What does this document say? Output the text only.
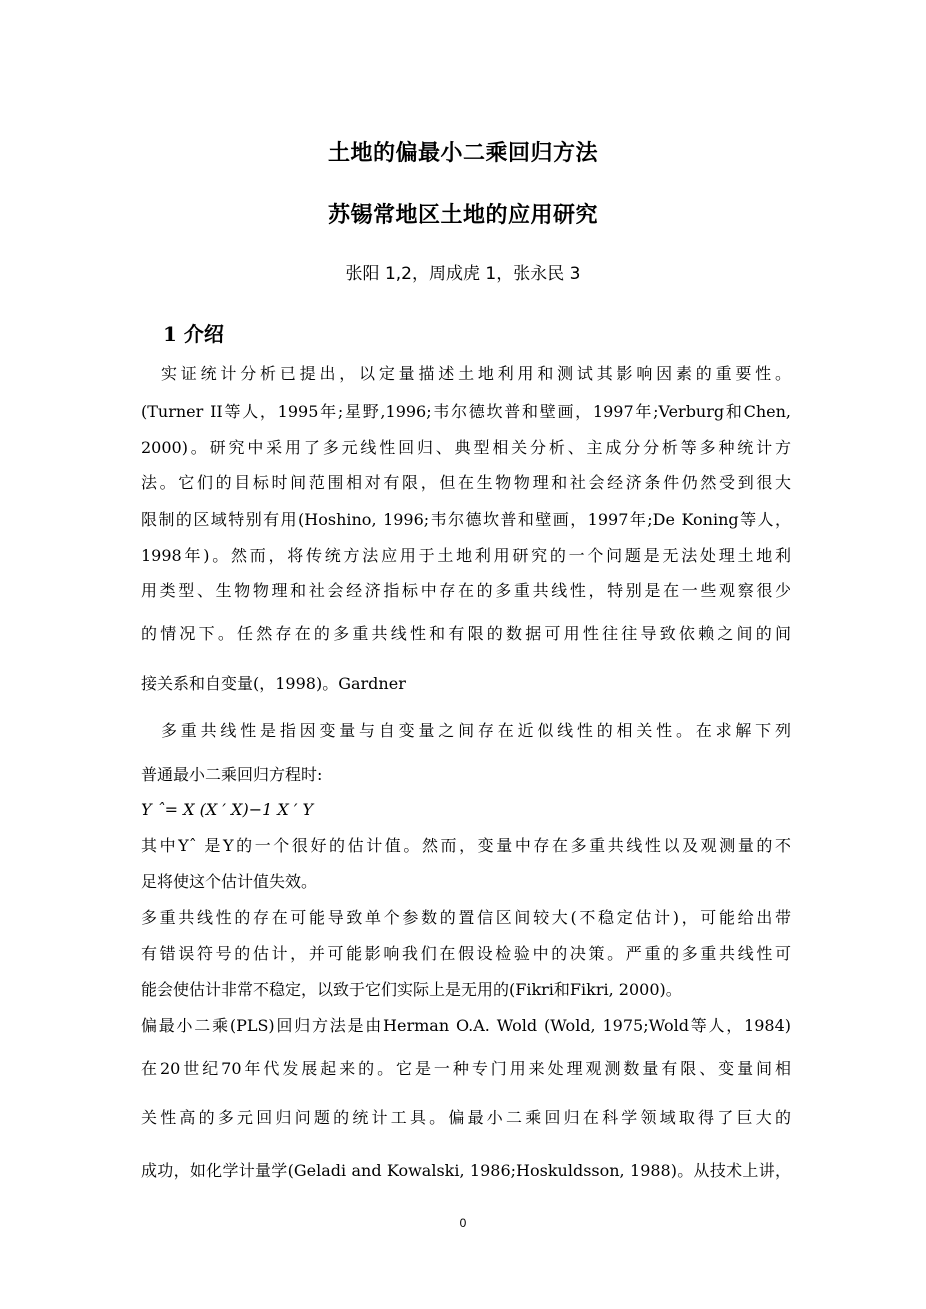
土地的偏最小二乘回归方法
苏锡常地区土地的应用研究
张阳 1,2，周成虎 1，张永民 3
1 介绍
实证统计分析已提出，以定量描述土地利用和测试其影响因素的重要性。
(Turner II等人，1995年;星野,1996;韦尔德坎普和壁画，1997年;Verburg和Chen,
2000)。研究中采用了多元线性回归、典型相关分析、主成分分析等多种统计方
法。它们的目标时间范围相对有限，但在生物物理和社会经济条件仍然受到很大
限制的区域特别有用(Hoshino, 1996;韦尔德坎普和壁画，1997年;De Koning等人，
1998年)。然而，将传统方法应用于土地利用研究的一个问题是无法处理土地利
用类型、生物物理和社会经济指标中存在的多重共线性，特别是在一些观察很少
的情况下。任然存在的多重共线性和有限的数据可用性往往导致依赖之间的间
接关系和自变量(，1998)。Gardner
多重共线性是指因变量与自变量之间存在近似线性的相关性。在求解下列
普通最小二乘回归方程时:
Y ˆ= X (X ′ X)−1 X ′ Y
其中Yˆ 是Y的一个很好的估计值。然而，变量中存在多重共线性以及观测量的不
足将使这个估计值失效。
多重共线性的存在可能导致单个参数的置信区间较大(不稳定估计)，可能给出带
有错误符号的估计，并可能影响我们在假设检验中的决策。严重的多重共线性可
能会使估计非常不稳定，以致于它们实际上是无用的(Fikri和Fikri, 2000)。
偏最小二乘(PLS)回归方法是由Herman O.A. Wold (Wold, 1975;Wold等人，1984)
在20世纪70年代发展起来的。它是一种专门用来处理观测数量有限、变量间相
关性高的多元回归问题的统计工具。偏最小二乘回归在科学领域取得了巨大的
成功，如化学计量学(Geladi and Kowalski, 1986;Hoskuldsson, 1988)。从技术上讲，
0
